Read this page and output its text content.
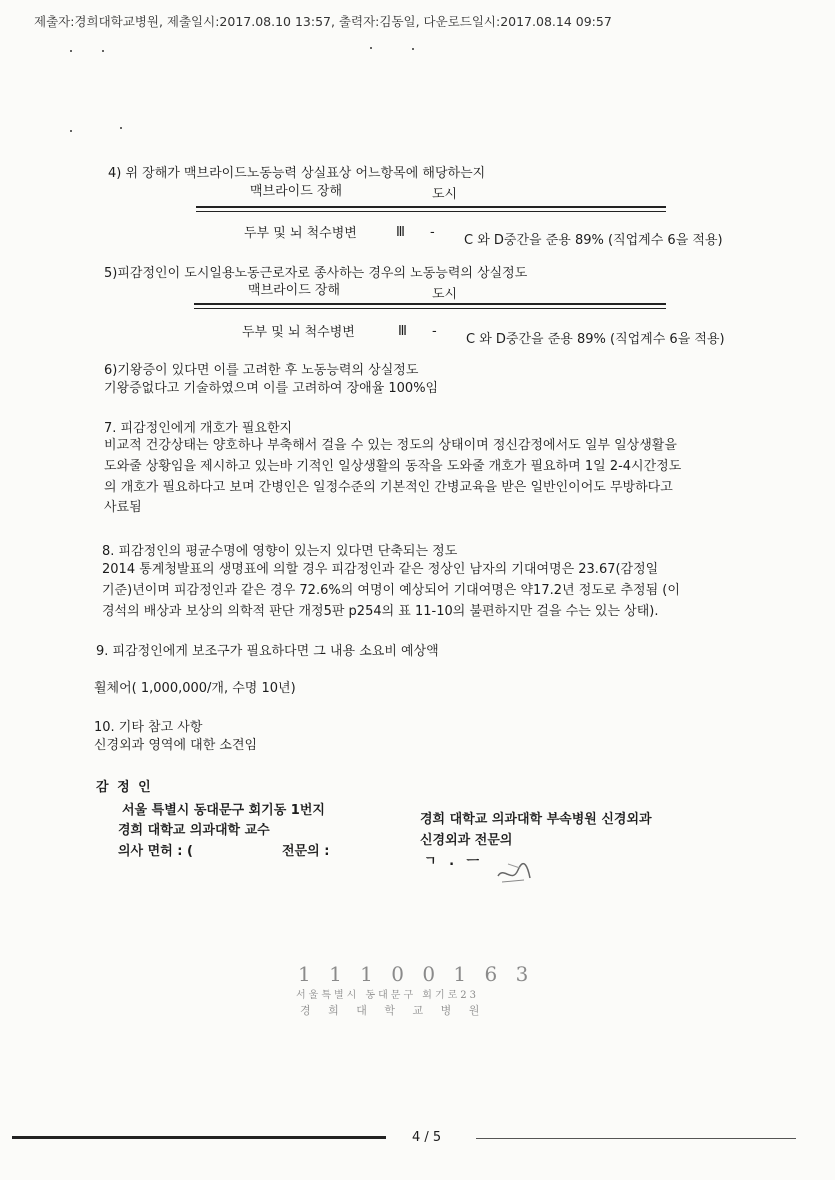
제출자:경희대학교병원, 제출일시:2017.08.10 13:57, 출력자:김동일, 다운로드일시:2017.08.14 09:57
4) 위 장해가 맥브라이드노동능력 상실표상 어느항목에 해당하는지
맥브라이드 장해	도시
두부 및 뇌 척수병변	Ⅲ -
C 와 D중간을 준용 89% (직업계수 6을 적용)
5)피감정인이 도시일용노동근로자로 종사하는 경우의 노동능력의 상실정도
맥브라이드 장해	도시
두부 및 뇌 척수병변	Ⅲ -
C 와 D중간을 준용 89% (직업계수 6을 적용)
6)기왕증이 있다면 이를 고려한 후 노동능력의 상실정도
기왕증없다고 기술하였으며 이를 고려하여 장애율 100%임
7. 피감정인에게 개호가 필요한지
비교적 건강상태는 양호하나 부축해서 걸을 수 있는 정도의 상태이며 정신감정에서도 일부 일상생활을
도와줄 상황임을 제시하고 있는바 기적인 일상생활의 동작을 도와줄 개호가 필요하며 1일 2-4시간정도
의 개호가 필요하다고 보며 간병인은 일정수준의 기본적인 간병교육을 받은 일반인이어도 무방하다고
사료됨
8. 피감정인의 평균수명에 영향이 있는지 있다면 단축되는 정도
2014 통계청발표의 생명표에 의할 경우 피감정인과 같은 정상인 남자의 기대여명은 23.67(감정일
기준)년이며 피감정인과 같은 경우 72.6%의 여명이 예상되어 기대여명은 약17.2년 정도로 추정됨 (이
경석의 배상과 보상의 의학적 판단 개정5판 p254의 표 11-10의 불편하지만 걸을 수는 있는 상태).
9. 피감정인에게 보조구가 필요하다면 그 내용 소요비 예상액
휠체어( 1,000,000/개, 수명 10년)
10. 기타 참고 사항
신경외과 영역에 대한 소견임
감 정 인
서울 특별시 동대문구 회기동 1번지
경희 대학교 의과대학 교수
의사 면허 : (	전문의 :
경희 대학교 의과대학 부속병원 신경외과
신경외과 전문의
ㄱ . ㅡ
1 1 1 0 0 1 6 3
서울특별시 동대문구 회기로23
경 희 대 학 교 병 원
4 / 5
